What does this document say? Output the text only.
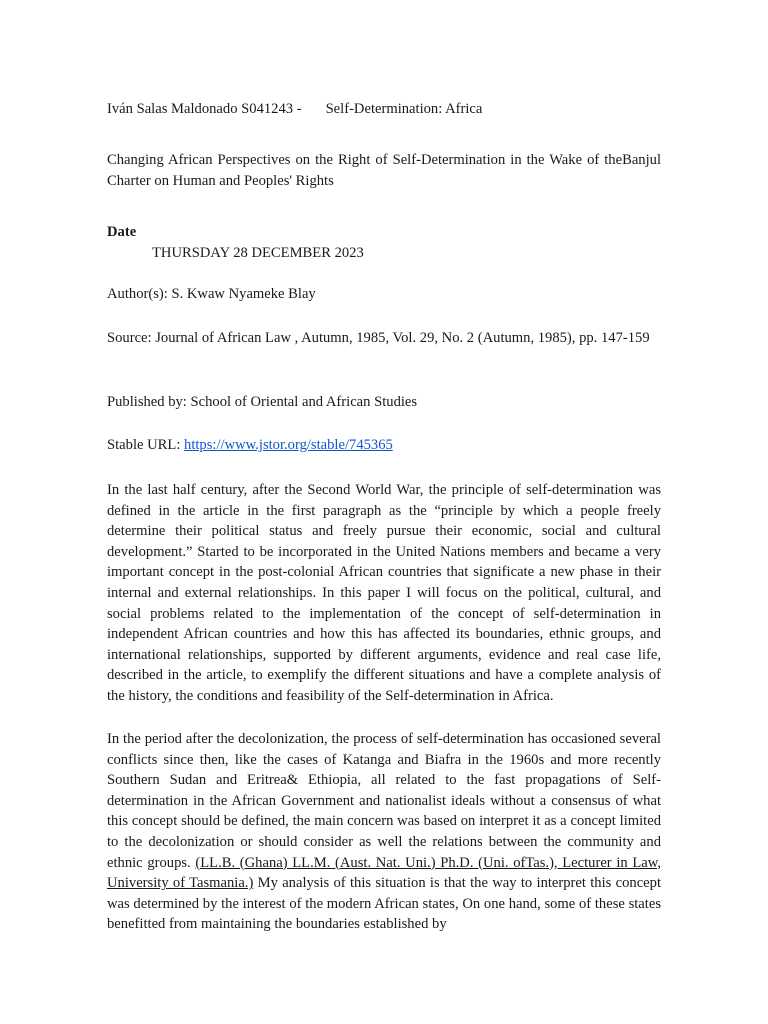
Iván Salas Maldonado S041243 - Self-Determination: Africa
Changing African Perspectives on the Right of Self-Determination in the Wake of theBanjul Charter on Human and Peoples' Rights
Date
THURSDAY 28 DECEMBER 2023
Author(s): S. Kwaw Nyameke Blay
Source: Journal of African Law , Autumn, 1985, Vol. 29, No. 2 (Autumn, 1985), pp. 147-159
Published by: School of Oriental and African Studies
Stable URL: https://www.jstor.org/stable/745365

In the last half century, after the Second World War, the principle of self-determination was defined in the article in the first paragraph as the “principle by which a people freely determine their political status and freely pursue their economic, social and cultural development.” Started to be incorporated in the United Nations members and became a very important concept in the post-colonial African countries that significate a new phase in their internal and external relationships. In this paper I will focus on the political, cultural, and social problems related to the implementation of the concept of self-determination in independent African countries and how this has affected its boundaries, ethnic groups, and international relationships, supported by different arguments, evidence and real case life, described in the article, to exemplify the different situations and have a complete analysis of the history, the conditions and feasibility of the Self-determination in Africa.

In the period after the decolonization, the process of self-determination has occasioned several conflicts since then, like the cases of Katanga and Biafra in the 1960s and more recently Southern Sudan and Eritrea& Ethiopia, all related to the fast propagations of Self-determination in the African Government and nationalist ideals without a consensus of what this concept should be defined, the main concern was based on interpret it as a concept limited to the decolonization or should consider as well the relations between the community and ethnic groups. (LL.B. (Ghana) LL.M. (Aust. Nat. Uni.) Ph.D. (Uni. ofTas.), Lecturer in Law, University of Tasmania.) My analysis of this situation is that the way to interpret this concept was determined by the interest of the modern African states, On one hand, some of these states benefitted from maintaining the boundaries established by
